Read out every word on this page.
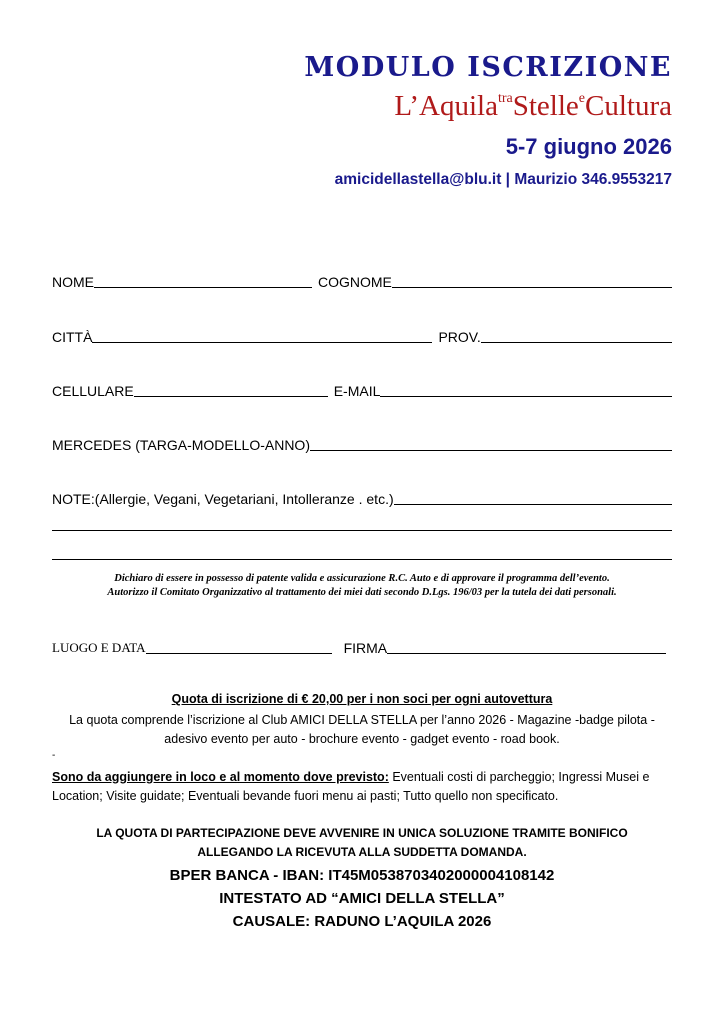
MODULO ISCRIZIONE
L’Aquila$^{tra}$Stelle$^e$Cultura
5-7 giugno 2026
amicidellastella@blu.it | Maurizio 346.9553217
NOME	COGNOME
CITTÀ	PROV.
CELLULARE	E-MAIL
MERCEDES (TARGA-MODELLO-ANNO)
NOTE:(Allergie, Vegani, Vegetariani, Intolleranze . etc.)
Dichiaro di essere in possesso di patente valida e assicurazione R.C. Auto e di approvare il programma dell’evento.
Autorizzo il Comitato Organizzativo al trattamento dei miei dati secondo D.Lgs. 196/03 per la tutela dei dati personali.
LUOGO E DATA	FIRMA
Quota di iscrizione di € 20,00 per i non soci per ogni autovettura
La quota comprende l’iscrizione al Club AMICI DELLA STELLA per l’anno 2026 - Magazine -badge pilota - adesivo evento per auto - brochure evento - gadget evento - road book.
-
Sono da aggiungere in loco e al momento dove previsto: Eventuali costi di parcheggio; Ingressi Musei e Location; Visite guidate; Eventuali bevande fuori menu ai pasti; Tutto quello non specificato.
LA QUOTA DI PARTECIPAZIONE DEVE AVVENIRE IN UNICA SOLUZIONE TRAMITE BONIFICO
ALLEGANDO LA RICEVUTA ALLA SUDDETTA DOMANDA.
BPER BANCA - IBAN: IT45M0538703402000004108142
INTESTATO AD “AMICI DELLA STELLA”
CAUSALE: RADUNO L’AQUILA 2026
